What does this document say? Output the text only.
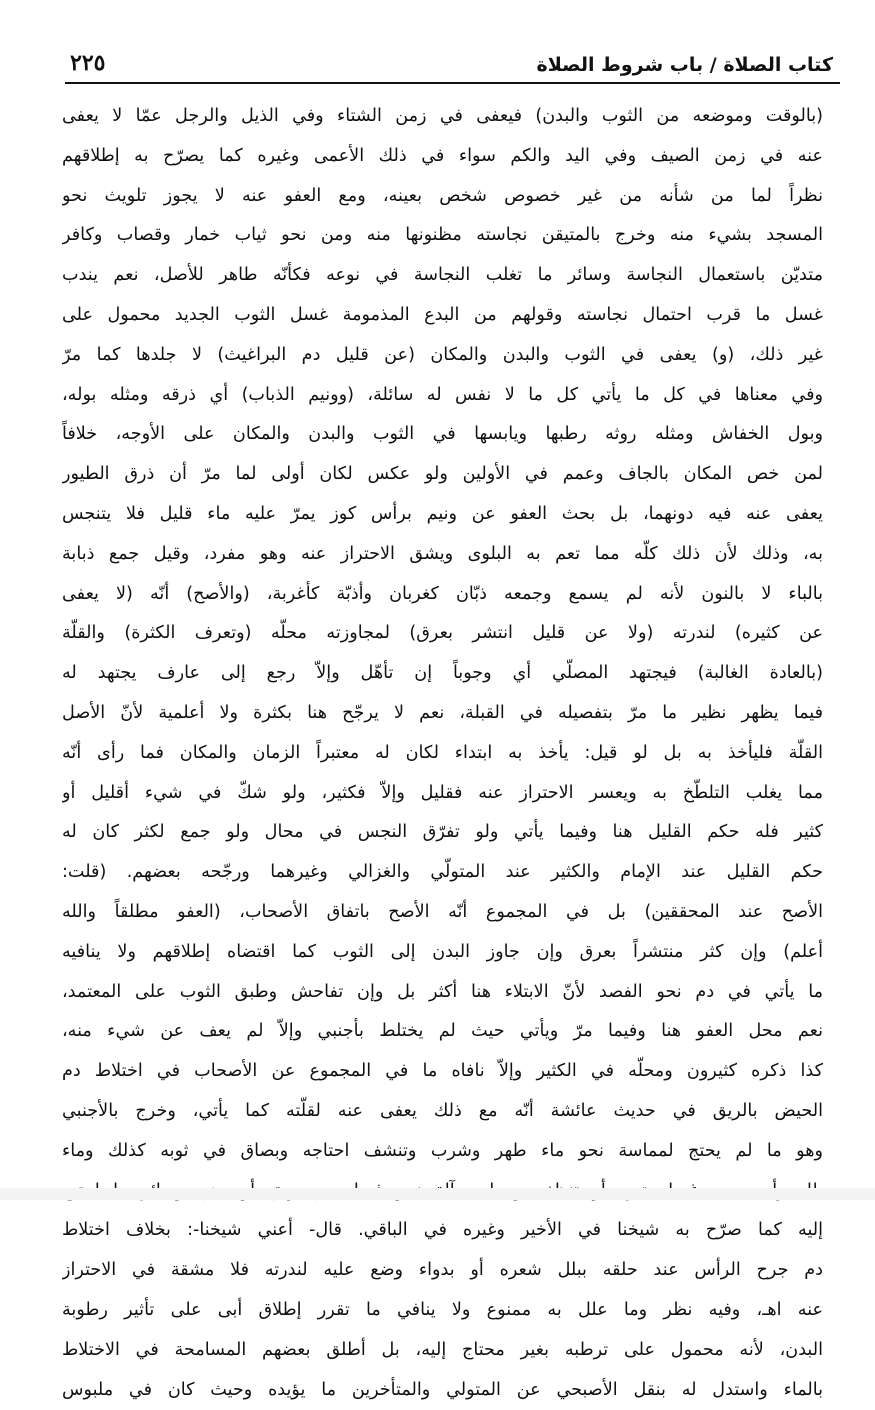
٢٢٥	كتاب الصلاة / باب شروط الصلاة
(بالوقت وموضعه من الثوب والبدن) فيعفى في زمن الشتاء وفي الذيل والرجل عمّا لا يعفى
عنه في زمن الصيف وفي اليد والكم سواء في ذلك الأعمى وغيره كما يصرّح به إطلاقهم
نظراً لما من شأنه من غير خصوص شخص بعينه، ومع العفو عنه لا يجوز تلويث نحو
المسجد بشيء منه وخرج بالمتيقن نجاسته مظنونها منه ومن نحو ثياب خمار وقصاب وكافر
متديّن باستعمال النجاسة وسائر ما تغلب النجاسة في نوعه فكأنّه طاهر للأصل، نعم يندب
غسل ما قرب احتمال نجاسته وقولهم من البدع المذمومة غسل الثوب الجديد محمول على
غير ذلك، (و) يعفى في الثوب والبدن والمكان (عن قليل دم البراغيث) لا جلدها كما مرّ
وفي معناها في كل ما يأتي كل ما لا نفس له سائلة، (وونيم الذباب) أي ذرقه ومثله بوله،
وبول الخفاش ومثله روثه رطبها ويابسها في الثوب والبدن والمكان على الأوجه، خلافاً
لمن خص المكان بالجاف وعمم في الأولين ولو عكس لكان أولى لما مرّ أن ذرق الطيور
يعفى عنه فيه دونهما، بل بحث العفو عن ونيم برأس كوز يمرّ عليه ماء قليل فلا يتنجس
به، وذلك لأن ذلك كلّه مما تعم به البلوى ويشق الاحتراز عنه وهو مفرد، وقيل جمع ذبابة
بالباء لا بالنون لأنه لم يسمع وجمعه ذبّان كغربان وأذبّة كأغربة، (والأصح) أنّه (لا يعفى
عن كثيره) لندرته (ولا عن قليل انتشر بعرق) لمجاوزته محلّه (وتعرف الكثرة) والقلّة
(بالعادة الغالبة) فيجتهد المصلّي أي وجوباً إن تأهّل وإلاّ رجع إلى عارف يجتهد له
فيما يظهر نظير ما مرّ بتفصيله في القبلة، نعم لا يرجّح هنا بكثرة ولا أعلمية لأنّ الأصل
القلّة فليأخذ به بل لو قيل: يأخذ به ابتداء لكان له معتبراً الزمان والمكان فما رأى أنّه
مما يغلب التلطّخ به ويعسر الاحتراز عنه فقليل وإلاّ فكثير، ولو شكّ في شيء أقليل أو
كثير فله حكم القليل هنا وفيما يأتي ولو تفرّق النجس في محال ولو جمع لكثر كان له
حكم القليل عند الإمام والكثير عند المتولّي والغزالي وغيرهما ورجّحه بعضهم. (قلت:
الأصح عند المحققين) بل في المجموع أنّه الأصح باتفاق الأصحاب، (العفو مطلقاً والله
أعلم) وإن كثر منتشراً بعرق وإن جاوز البدن إلى الثوب كما اقتضاه إطلاقهم ولا ينافيه
ما يأتي في دم نحو الفصد لأنّ الابتلاء هنا أكثر بل وإن تفاحش وطبق الثوب على المعتمد،
نعم محل العفو هنا وفيما مرّ ويأتي حيث لم يختلط بأجنبي وإلاّ لم يعف عن شيء منه،
كذا ذكره كثيرون ومحلّه في الكثير وإلاّ نافاه ما في المجموع عن الأصحاب في اختلاط دم
الحيض بالريق في حديث عائشة أنّه مع ذلك يعفى عنه لقلّته كما يأتي، وخرج بالأجنبي
وهو ما لم يحتج لمماسة نحو ماء طهر وشرب وتنشف احتاجه وبصاق في ثوبه كذلك وماء
إليه كما صرّح به شيخنا في الأخير وغيره في الباقي. قال- أعني شيخنا-: بخلاف اختلاط
دم جرح الرأس عند حلقه ببلل شعره أو بدواء وضع عليه لندرته فلا مشقة في الاحتراز
عنه اهـ، وفيه نظر وما علل به ممنوع ولا ينافي ما تقرر إطلاق أبى على تأثير رطوبة
البدن، لأنه محمول على ترطبه بغير محتاج إليه، بل أطلق بعضهم المسامحة في الاختلاط
بالماء واستدل له بنقل الأصبحي عن المتولي والمتأخرين ما يؤيده وحيث كان في ملبوس
